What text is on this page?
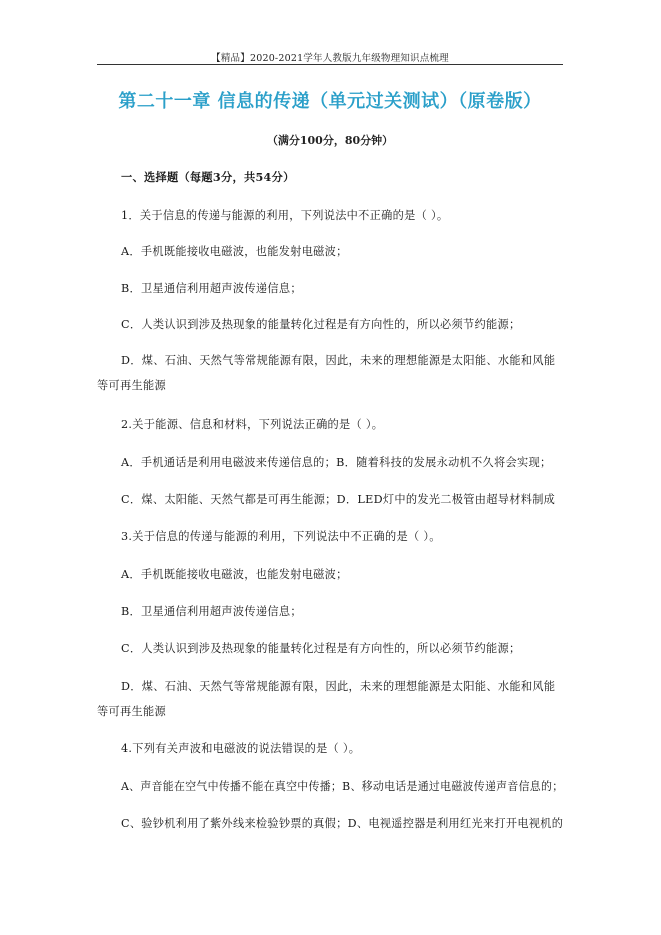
【精品】2020-2021学年人教版九年级物理知识点梳理
第二十一章 信息的传递（单元过关测试）（原卷版）
（满分100分，80分钟）
一、选择题（每题3分，共54分）
1．关于信息的传递与能源的利用，下列说法中不正确的是（ ）。
A．手机既能接收电磁波，也能发射电磁波；
B．卫星通信利用超声波传递信息；
C．人类认识到涉及热现象的能量转化过程是有方向性的，所以必须节约能源；
D．煤、石油、天然气等常规能源有限，因此，未来的理想能源是太阳能、水能和风能
等可再生能源
2.关于能源、信息和材料，下列说法正确的是（ ）。
A．手机通话是利用电磁波来传递信息的；B．随着科技的发展永动机不久将会实现；
C．煤、太阳能、天然气都是可再生能源；D．LED灯中的发光二极管由超导材料制成
3.关于信息的传递与能源的利用，下列说法中不正确的是（ ）。
A．手机既能接收电磁波，也能发射电磁波；
B．卫星通信利用超声波传递信息；
C．人类认识到涉及热现象的能量转化过程是有方向性的，所以必须节约能源；
D．煤、石油、天然气等常规能源有限，因此，未来的理想能源是太阳能、水能和风能
等可再生能源
4.下列有关声波和电磁波的说法错误的是（ ）。
A、声音能在空气中传播不能在真空中传播；B、移动电话是通过电磁波传递声音信息的；
C、验钞机利用了紫外线来检验钞票的真假；D、电视遥控器是利用红光来打开电视机的
